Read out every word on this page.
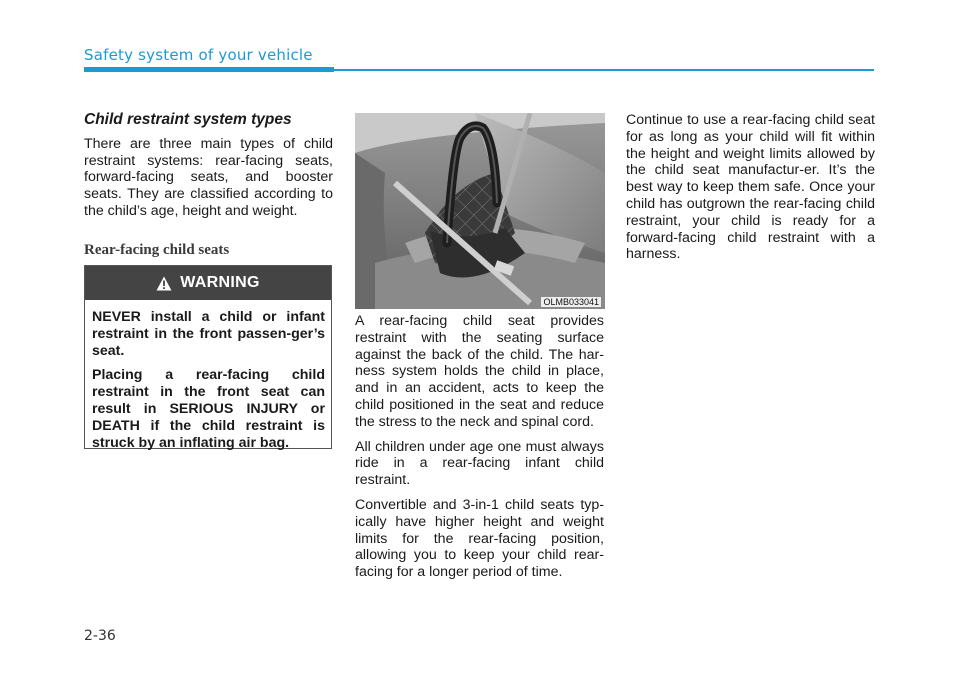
Safety system of your vehicle
Child restraint system types

There are three main types of child restraint systems: rear-facing seats, forward-facing seats, and booster seats. They are classified according to the child’s age, height and weight.

Rear-facing child seats
WARNING

NEVER install a child or infant restraint in the front passen-ger’s seat.

Placing a rear-facing child restraint in the front seat can result in SERIOUS INJURY or DEATH if the child restraint is struck by an inflating air bag.

OLMB033041

A rear-facing child seat provides restraint with the seating surface against the back of the child. The har-ness system holds the child in place, and in an accident, acts to keep the child positioned in the seat and reduce the stress to the neck and spinal cord.

All children under age one must always ride in a rear-facing infant child restraint.

Convertible and 3-in-1 child seats typ-ically have higher height and weight limits for the rear-facing position, allowing you to keep your child rear-facing for a longer period of time.

Continue to use a rear-facing child seat for as long as your child will fit within the height and weight limits allowed by the child seat manufactur-er. It’s the best way to keep them safe. Once your child has outgrown the rear-facing child restraint, your child is ready for a forward-facing child restraint with a harness.

2-36
